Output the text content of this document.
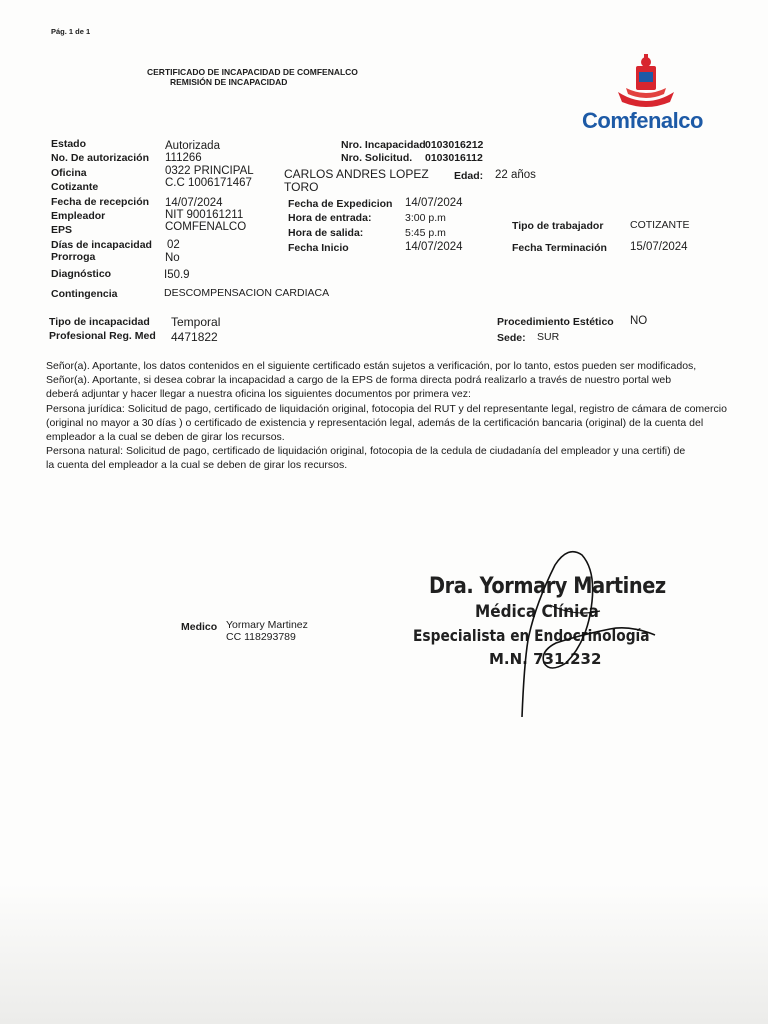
Pág. 1 de 1
CERTIFICADO DE INCAPACIDAD DE COMFENALCO
REMISIÓN DE INCAPACIDAD
Comfenalco
Estado	Autorizada
No. De autorización 111266
Oficina	0322 PRINCIPAL
Cotizante	C.C 1006171467
Fecha de recepción 14/07/2024
Empleador	NIT 900161211
EPS	COMFENALCO
Días de incapacidad 02
Prorroga	No
Diagnóstico	I50.9
Contingencia	DESCOMPENSACION CARDIACA
Nro. Incapacidad 0103016212
Nro. Solicitud. 0103016112
CARLOS ANDRES LOPEZ
TORO
Edad: 22 años
Fecha de Expedicion 14/07/2024
Hora de entrada:	3:00 p.m
Hora de salida:	5:45 p.m
Fecha Inicio	14/07/2024
Tipo de trabajador	COTIZANTE
Fecha Terminación 15/07/2024
Tipo de incapacidad Temporal
Profesional Reg. Med 4471822
Procedimiento Estético NO
Sede: SUR

Señor(a). Aportante, los datos contenidos en el siguiente certificado están sujetos a verificación, por lo tanto, estos pueden ser modificados,

Señor(a). Aportante, si desea cobrar la incapacidad a cargo de la EPS de forma directa podrá realizarlo a través de nuestro portal web

deberá adjuntar y hacer llegar a nuestra oficina los siguientes documentos por primera vez:

Persona jurídica: Solicitud de pago, certificado de liquidación original, fotocopia del RUT y del representante legal, registro de cámara de comercio (original no mayor a 30 días ) o certificado de existencia y representación legal, además de la certificación bancaria (original) de la cuenta del empleador a la cual se deben de girar los recursos.

Persona natural: Solicitud de pago, certificado de liquidación original, fotocopia de la cedula de ciudadanía del empleador y una certifi) de la cuenta del empleador a la cual se deben de girar los recursos.

Medico Yormary Martinez
CC 118293789
Dra. Yormary Martinez
Médica Clínica
Especialista en Endocrinología
M.N. 731.232
